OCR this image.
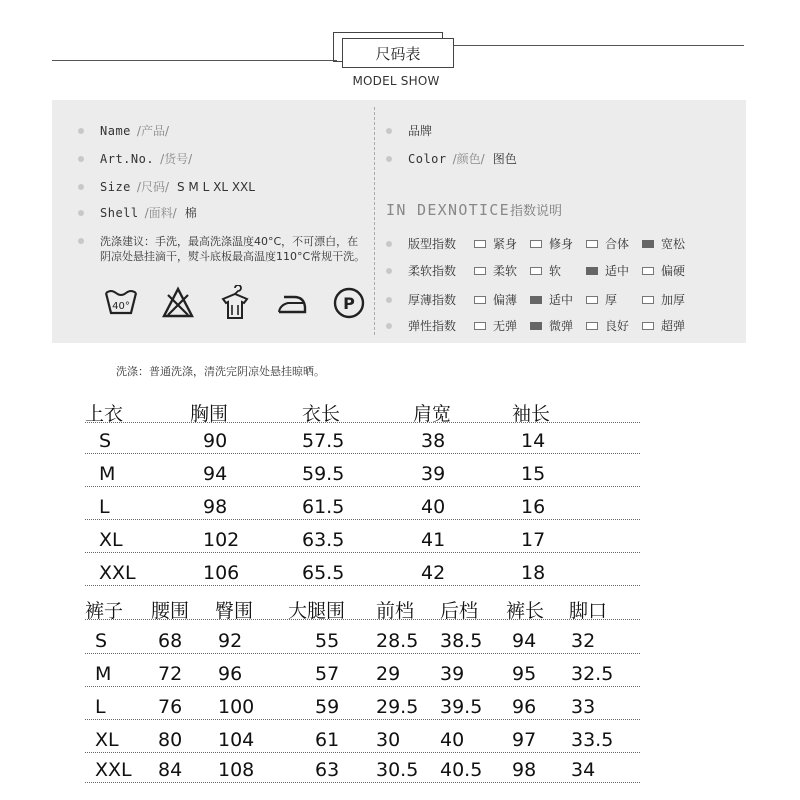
尺码表
MODEL SHOW
Name /产品/
Art.No. /货号/
Size /尺码/ S M L XL XXL
Shell /面料/ 棉
洗涤建议：手洗，最高洗涤温度40°C，不可漂白，在阴凉处悬挂滴干，熨斗底板最高温度110°C常规干洗。
40°	P
品牌
Color /颜色/ 图色
IN DEXNOTICE指数说明
版型指数	紧身	修身	合体	宽松
柔软指数	柔软	软	适中	偏硬
厚薄指数	偏薄	适中	厚	加厚
弹性指数	无弹	微弹	良好	超弹
洗涤：普通洗涤，清洗完阴凉处悬挂晾晒。
上衣	胸围	衣长	肩宽	袖长
S	90	57.5	38	14
M	94	59.5	39	15
L	98	61.5	40	16
XL	102	63.5	41	17
XXL	106	65.5	42	18
裤子 腰围 臀围 大腿围 前档 后档 裤长 脚口
S	68 92	55 28.5 38.5 94 32
M 72 96	57 29 39	95 32.5
L	76 100	59 29.5 39.5 96 33
XL 80 104	61 30 40	97 33.5
XXL 84 108	63 30.5 40.5 98 34
